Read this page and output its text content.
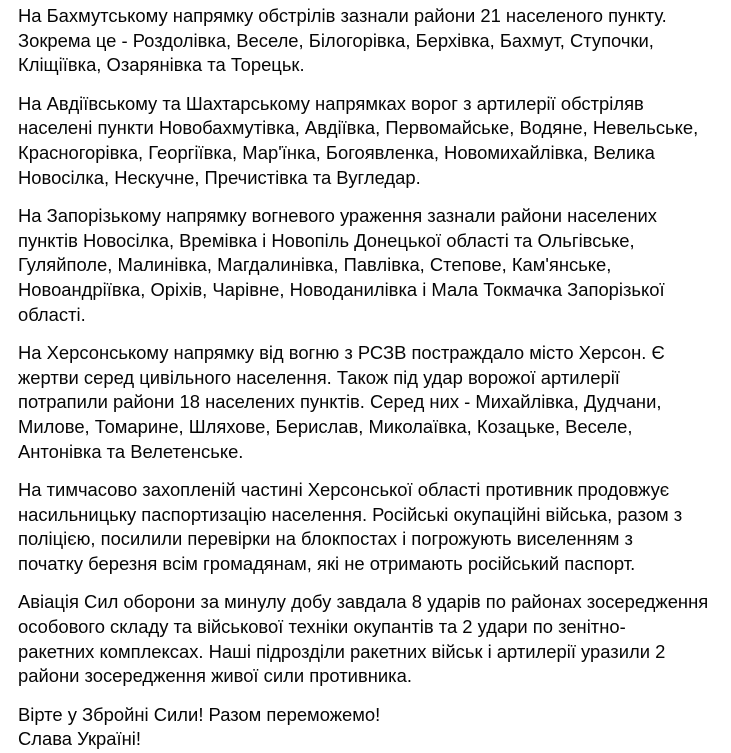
На Бахмутському напрямку обстрілів зазнали райони 21 населеного пункту.
Зокрема це - Роздолівка, Веселе, Білогорівка, Берхівка, Бахмут, Ступочки,
Кліщіївка, Озарянівка та Торецьк.

На Авдіївському та Шахтарському напрямках ворог з артилерії обстріляв
населені пункти Новобахмутівка, Авдіївка, Первомайське, Водяне, Невельське,
Красногорівка, Георгіївка, Мар'їнка, Богоявленка, Новомихайлівка, Велика
Новосілка, Нескучне, Пречистівка та Вугледар.

На Запорізькому напрямку вогневого ураження зазнали райони населених
пунктів Новосілка, Времівка і Новопіль Донецької області та Ольгівське,
Гуляйполе, Малинівка, Магдалинівка, Павлівка, Степове, Кам'янське,
Новоандріївка, Оріхів, Чарівне, Новоданилівка і Мала Токмачка Запорізької
області.

На Херсонському напрямку від вогню з РСЗВ постраждало місто Херсон. Є
жертви серед цивільного населення. Також під удар ворожої артилерії
потрапили райони 18 населених пунктів. Серед них - Михайлівка, Дудчани,
Милове, Томарине, Шляхове, Берислав, Миколаївка, Козацьке, Веселе,
Антонівка та Велетенське.

На тимчасово захопленій частині Херсонської області противник продовжує
насильницьку паспортизацію населення. Російські окупаційні війська, разом з
поліцією, посилили перевірки на блокпостах і погрожують виселенням з
початку березня всім громадянам, які не отримають російський паспорт.

Авіація Сил оборони за минулу добу завдала 8 ударів по районах зосередження
особового складу та військової техніки окупантів та 2 удари по зенітно-
ракетних комплексах. Наші підрозділи ракетних військ і артилерії уразили 2
райони зосередження живої сили противника.

Вірте у Збройні Сили! Разом переможемо!
Слава Україні!
